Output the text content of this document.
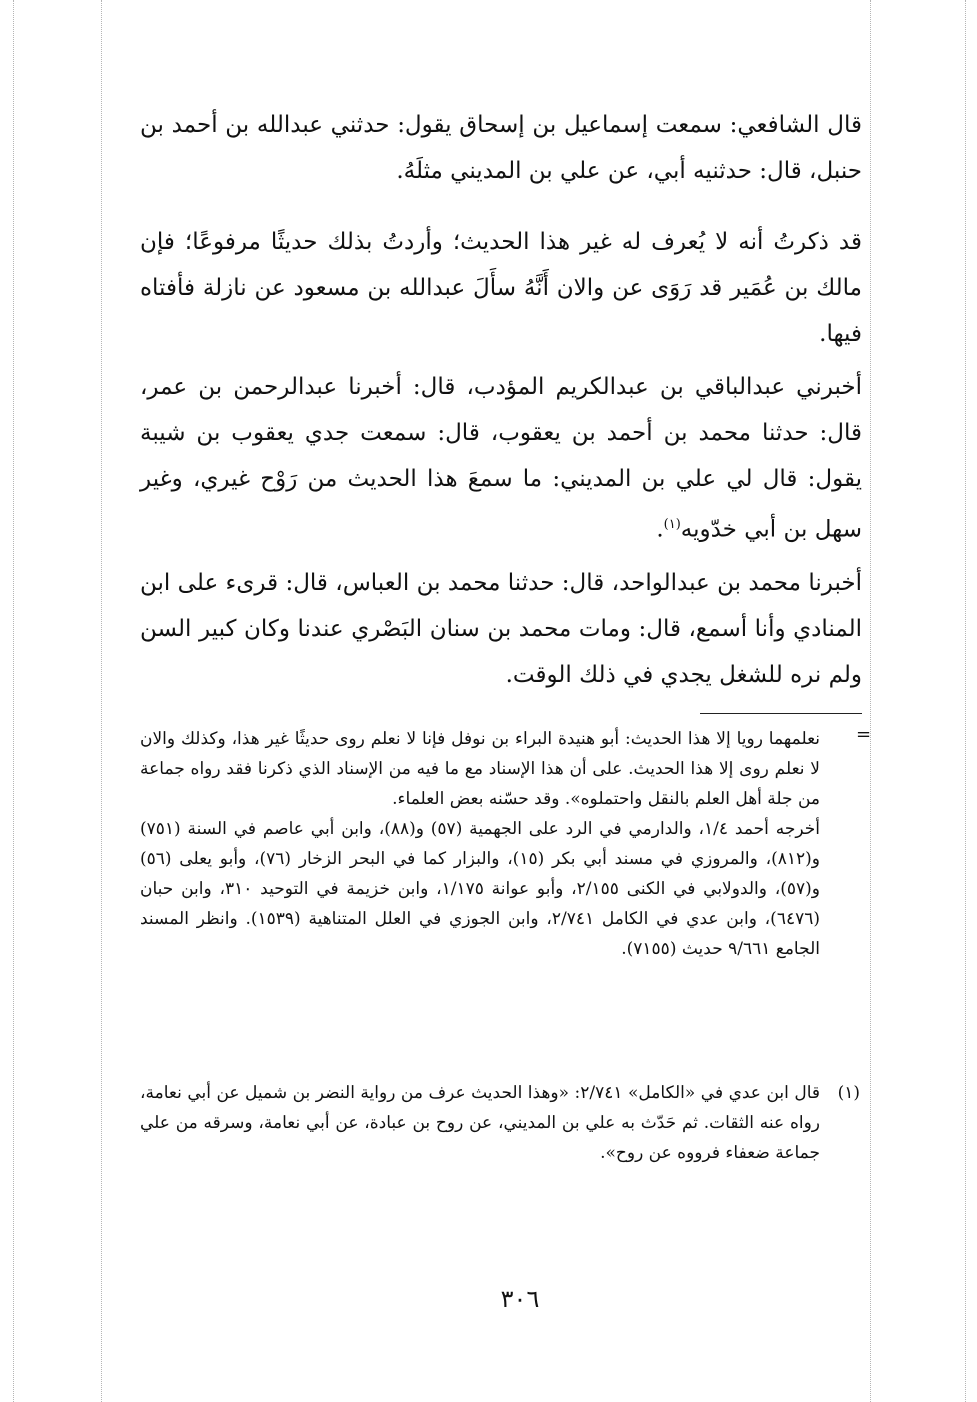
قال الشافعي: سمعت إسماعيل بن إسحاق يقول: حدثني عبدالله بن أحمد بن حنبل، قال: حدثنيه أبي، عن علي بن المديني مثلَهُ.

قد ذكرتُ أنه لا يُعرف له غير هذا الحديث؛ وأردتُ بذلك حديثًا مرفوعًا؛ فإن مالك بن عُمَير قد رَوَى عن والان أَنَّهُ سأَلَ عبدالله بن مسعود عن نازلة فأفتاه فيها.

أخبرني عبدالباقي بن عبدالكريم المؤدب، قال: أخبرنا عبدالرحمن بن عمر، قال: حدثنا محمد بن أحمد بن يعقوب، قال: سمعت جدي يعقوب بن شيبة يقول: قال لي علي بن المديني: ما سمعَ هذا الحديث من رَوْح غيري، وغير سهل بن أبي خدّويه$^{(١)}$.

أخبرنا محمد بن عبدالواحد، قال: حدثنا محمد بن العباس، قال: قرىء على ابن المنادي وأنا أسمع، قال: ومات محمد بن سنان البَصْري عندنا وكان كبير السن ولم نره للشغل يجدي في ذلك الوقت.

=

نعلمهما رويا إلا هذا الحديث: أبو هنيدة البراء بن نوفل فإنا لا نعلم روى حديثًا غير هذا، وكذلك والان لا نعلم روى إلا هذا الحديث. على أن هذا الإسناد مع ما فيه من الإسناد الذي ذكرنا فقد رواه جماعة من جلة أهل العلم بالنقل واحتملوه». وقد حسّنه بعض العلماء.

أخرجه أحمد ١/٤، والدارمي في الرد على الجهمية (٥٧) و(٨٨)، وابن أبي عاصم في السنة (٧٥١) و(٨١٢)، والمروزي في مسند أبي بكر (١٥)، والبزار كما في البحر الزخار (٧٦)، وأبو يعلى (٥٦) و(٥٧)، والدولابي في الكنى ٢/١٥٥، وأبو عوانة ١/١٧٥، وابن خزيمة في التوحيد ٣١٠، وابن حبان (٦٤٧٦)، وابن عدي في الكامل ٢/٧٤١، وابن الجوزي في العلل المتناهية (١٥٣٩). وانظر المسند الجامع ٩/٦٦١ حديث (٧١٥٥).

(١)

قال ابن عدي في «الكامل» ٢/٧٤١: «وهذا الحديث عرف من رواية النضر بن شميل عن أبي نعامة، رواه عنه الثقات. ثم حَدّث به علي بن المديني، عن روح بن عبادة، عن أبي نعامة، وسرقه من علي جماعة ضعفاء فرووه عن روح».

٣٠٦
